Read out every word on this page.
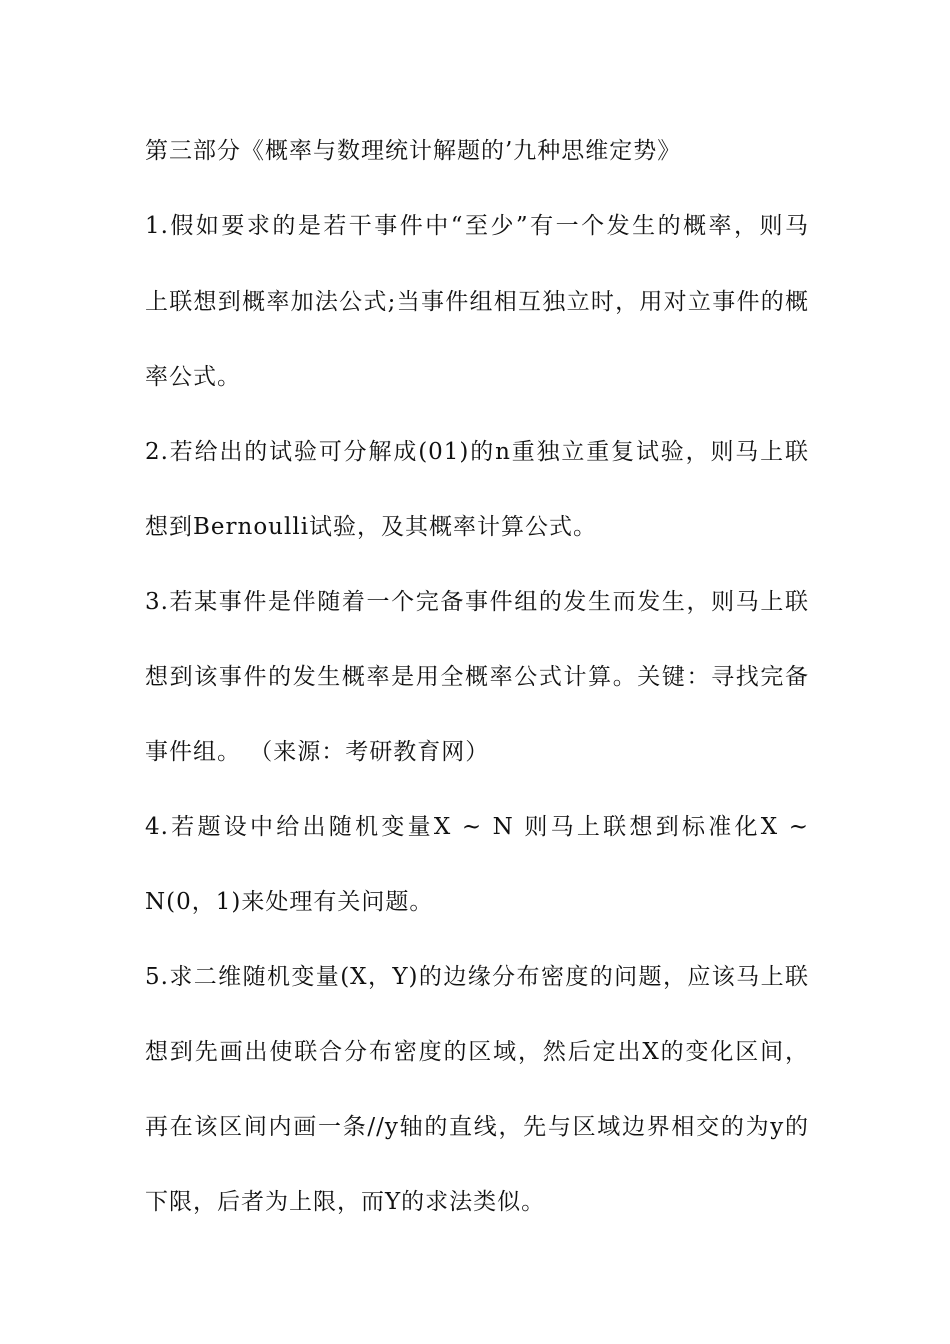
第三部分《概率与数理统计解题的’九种思维定势》
1.假如要求的是若干事件中“至少”有一个发生的概率，则马
上联想到概率加法公式;当事件组相互独立时，用对立事件的概
率公式。
2.若给出的试验可分解成(01)的n重独立重复试验，则马上联
想到Bernoulli试验，及其概率计算公式。
3.若某事件是伴随着一个完备事件组的发生而发生，则马上联
想到该事件的发生概率是用全概率公式计算。关键：寻找完备
事件组。 （来源：考研教育网）
4.若题设中给出随机变量X ~ N 则马上联想到标准化X ~
N(0，1)来处理有关问题。
5.求二维随机变量(X，Y)的边缘分布密度的问题，应该马上联
想到先画出使联合分布密度的区域，然后定出X的变化区间，
再在该区间内画一条//y轴的直线，先与区域边界相交的为y的
下限，后者为上限，而Y的求法类似。
